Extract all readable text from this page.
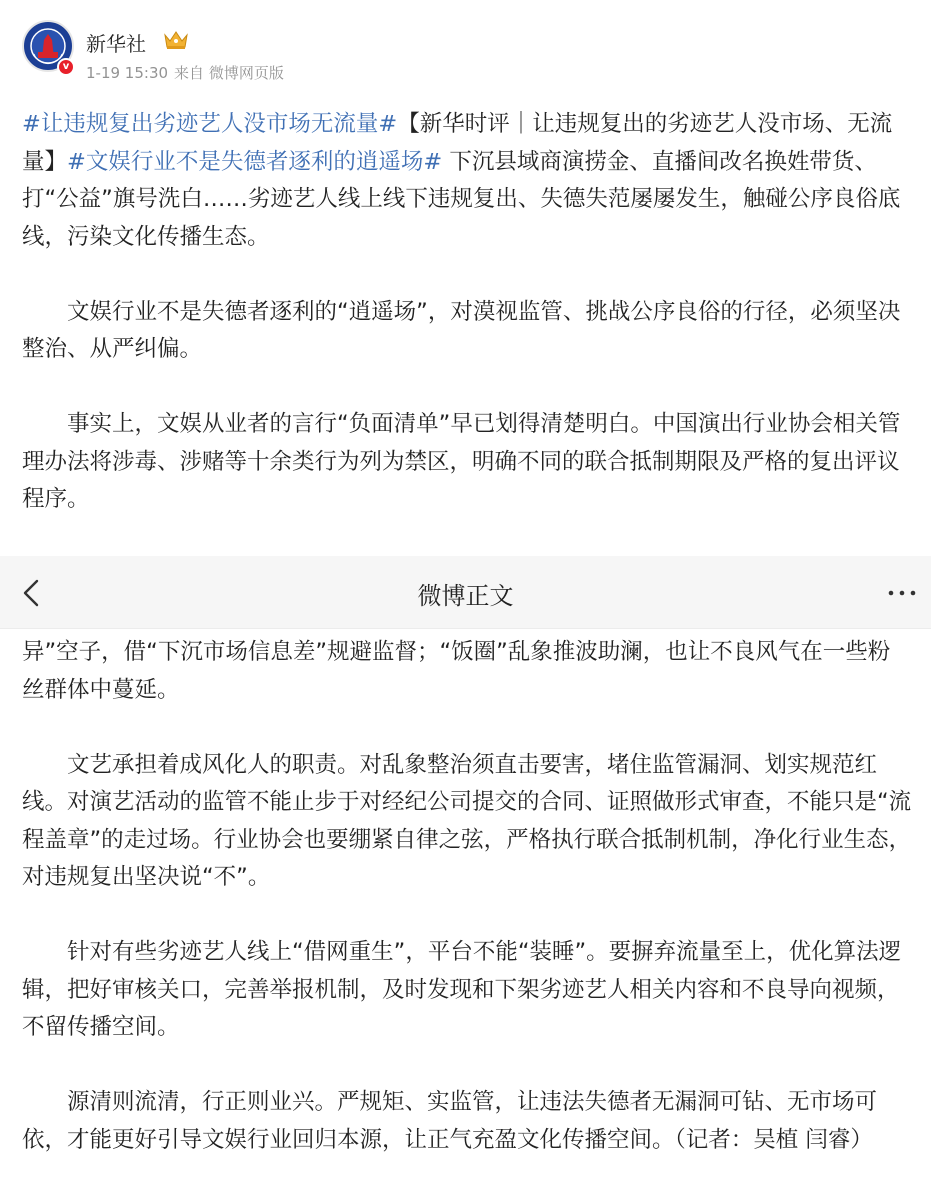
v
新华社
1-19 15:30 来自 微博网页版

#让违规复出劣迹艺人没市场无流量#【新华时评｜让违规复出的劣迹艺人没市场、无流量】#文娱行业不是失德者逐利的逍遥场# 下沉县域商演捞金、直播间改名换姓带货、打“公益”旗号洗白……劣迹艺人线上线下违规复出、失德失范屡屡发生，触碰公序良俗底线，污染文化传播生态。

文娱行业不是失德者逐利的“逍遥场”，对漠视监管、挑战公序良俗的行径，必须坚决整治、从严纠偏。

事实上，文娱从业者的言行“负面清单”早已划得清楚明白。中国演出行业协会相关管理办法将涉毒、涉赌等十余类行为列为禁区，明确不同的联合抵制期限及严格的复出评议程序。

微博正文

异”空子，借“下沉市场信息差”规避监督；“饭圈”乱象推波助澜，也让不良风气在一些粉丝群体中蔓延。

文艺承担着成风化人的职责。对乱象整治须直击要害，堵住监管漏洞、划实规范红线。对演艺活动的监管不能止步于对经纪公司提交的合同、证照做形式审查，不能只是“流程盖章”的走过场。行业协会也要绷紧自律之弦，严格执行联合抵制机制，净化行业生态，对违规复出坚决说“不”。

针对有些劣迹艺人线上“借网重生”，平台不能“装睡”。要摒弃流量至上，优化算法逻辑，把好审核关口，完善举报机制，及时发现和下架劣迹艺人相关内容和不良导向视频，不留传播空间。

源清则流清，行正则业兴。严规矩、实监管，让违法失德者无漏洞可钻、无市场可依，才能更好引导文娱行业回归本源，让正气充盈文化传播空间。（记者：吴植 闫睿）
